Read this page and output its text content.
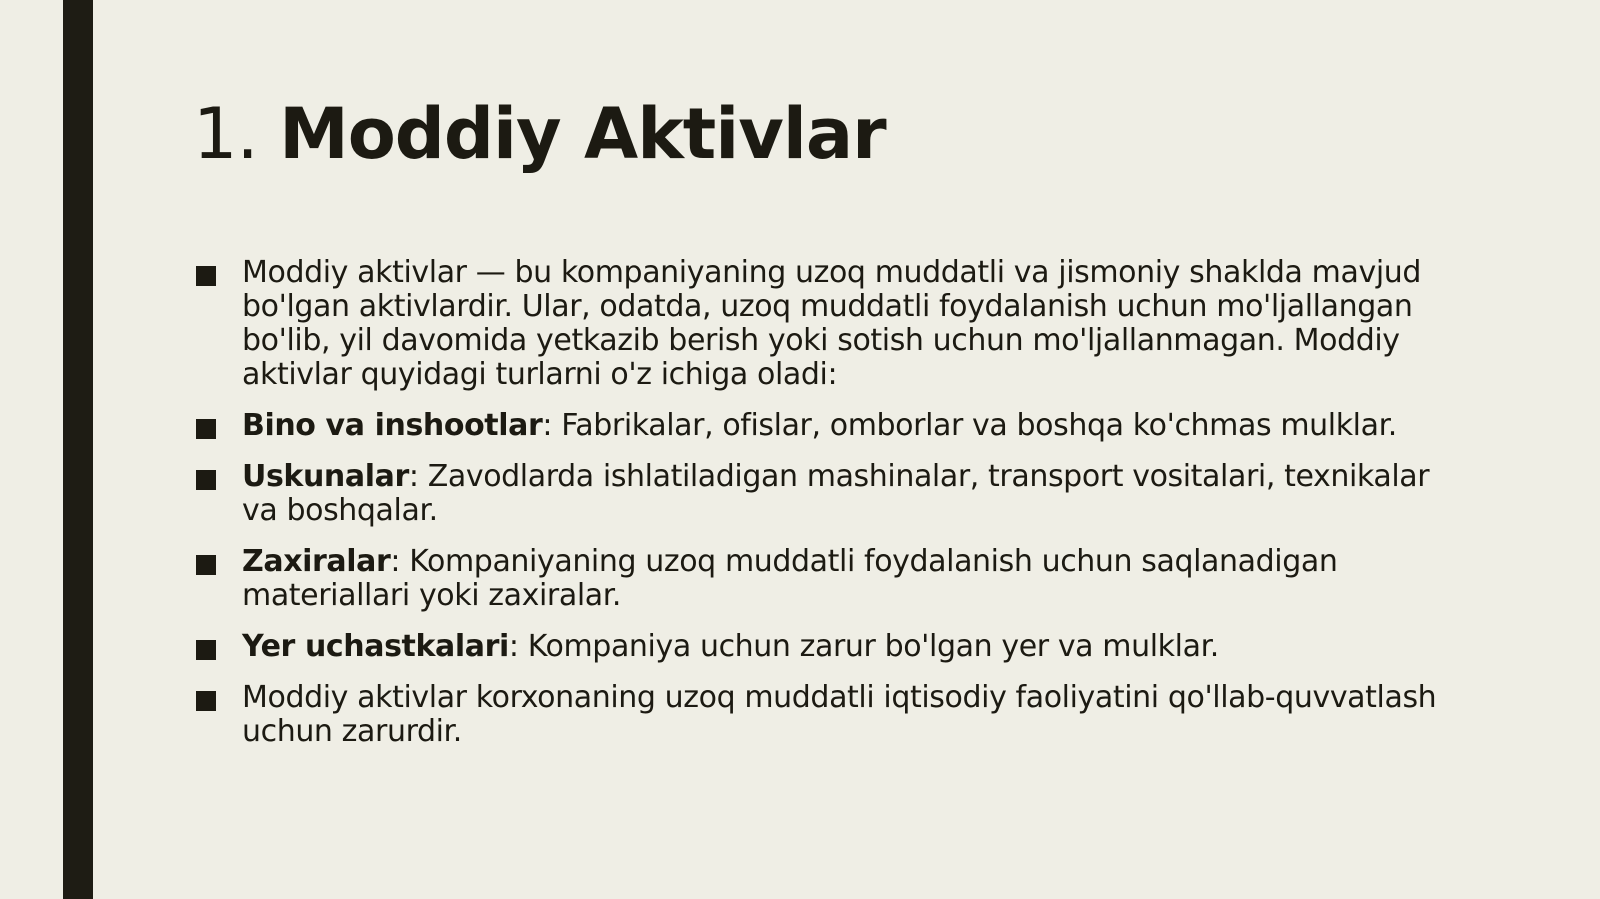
1. Moddiy Aktivlar
Moddiy aktivlar — bu kompaniyaning uzoq muddatli va jismoniy shaklda mavjud bo'lgan aktivlardir. Ular, odatda, uzoq muddatli foydalanish uchun mo'ljallangan bo'lib, yil davomida yetkazib berish yoki sotish uchun mo'ljallanmagan. Moddiy aktivlar quyidagi turlarni o'z ichiga oladi:
Bino va inshootlar: Fabrikalar, ofislar, omborlar va boshqa ko'chmas mulklar.
Uskunalar: Zavodlarda ishlatiladigan mashinalar, transport vositalari, texnikalar va boshqalar.
Zaxiralar: Kompaniyaning uzoq muddatli foydalanish uchun saqlanadigan materiallari yoki zaxiralar.
Yer uchastkalari: Kompaniya uchun zarur bo'lgan yer va mulklar.
Moddiy aktivlar korxonaning uzoq muddatli iqtisodiy faoliyatini qo'llab-quvvatlash uchun zarurdir.
